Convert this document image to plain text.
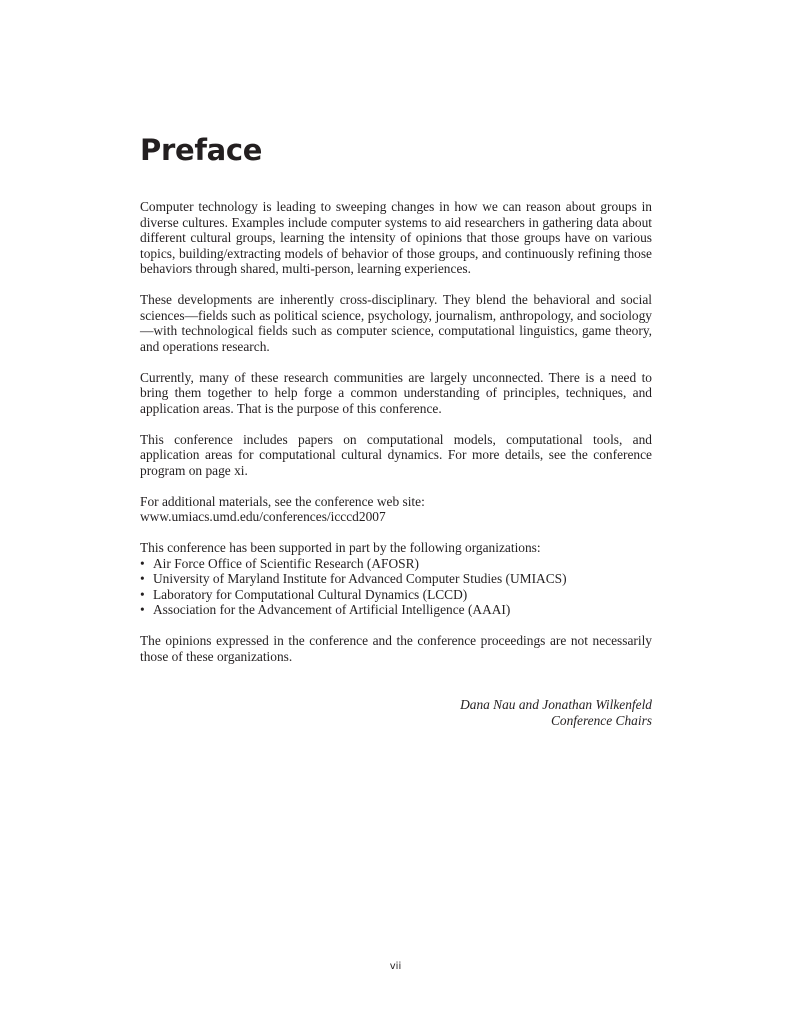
Preface

Computer technology is leading to sweeping changes in how we can reason about groups in diverse cultures. Examples include computer systems to aid researchers in gathering data about different cultural groups, learning the intensity of opinions that those groups have on various topics, building/extracting models of behavior of those groups, and continuously refining those behaviors through shared, multi-person, learning experiences.

These developments are inherently cross-disciplinary. They blend the behavioral and social sciences—fields such as political science, psychology, journalism, anthropology, and sociology—with technological fields such as computer science, computational linguistics, game theory, and operations research.

Currently, many of these research communities are largely unconnected. There is a need to bring them together to help forge a common understanding of principles, techniques, and application areas. That is the purpose of this conference.

This conference includes papers on computational models, computational tools, and application areas for computational cultural dynamics. For more details, see the conference program on page xi.

For additional materials, see the conference web site: www.umiacs.umd.edu/conferences/icccd2007

This conference has been supported in part by the following organizations:

• Air Force Office of Scientific Research (AFOSR)
• University of Maryland Institute for Advanced Computer Studies (UMIACS)
• Laboratory for Computational Cultural Dynamics (LCCD)
• Association for the Advancement of Artificial Intelligence (AAAI)

The opinions expressed in the conference and the conference proceedings are not necessarily those of these organizations.

Dana Nau and Jonathan Wilkenfeld
Conference Chairs
vii
